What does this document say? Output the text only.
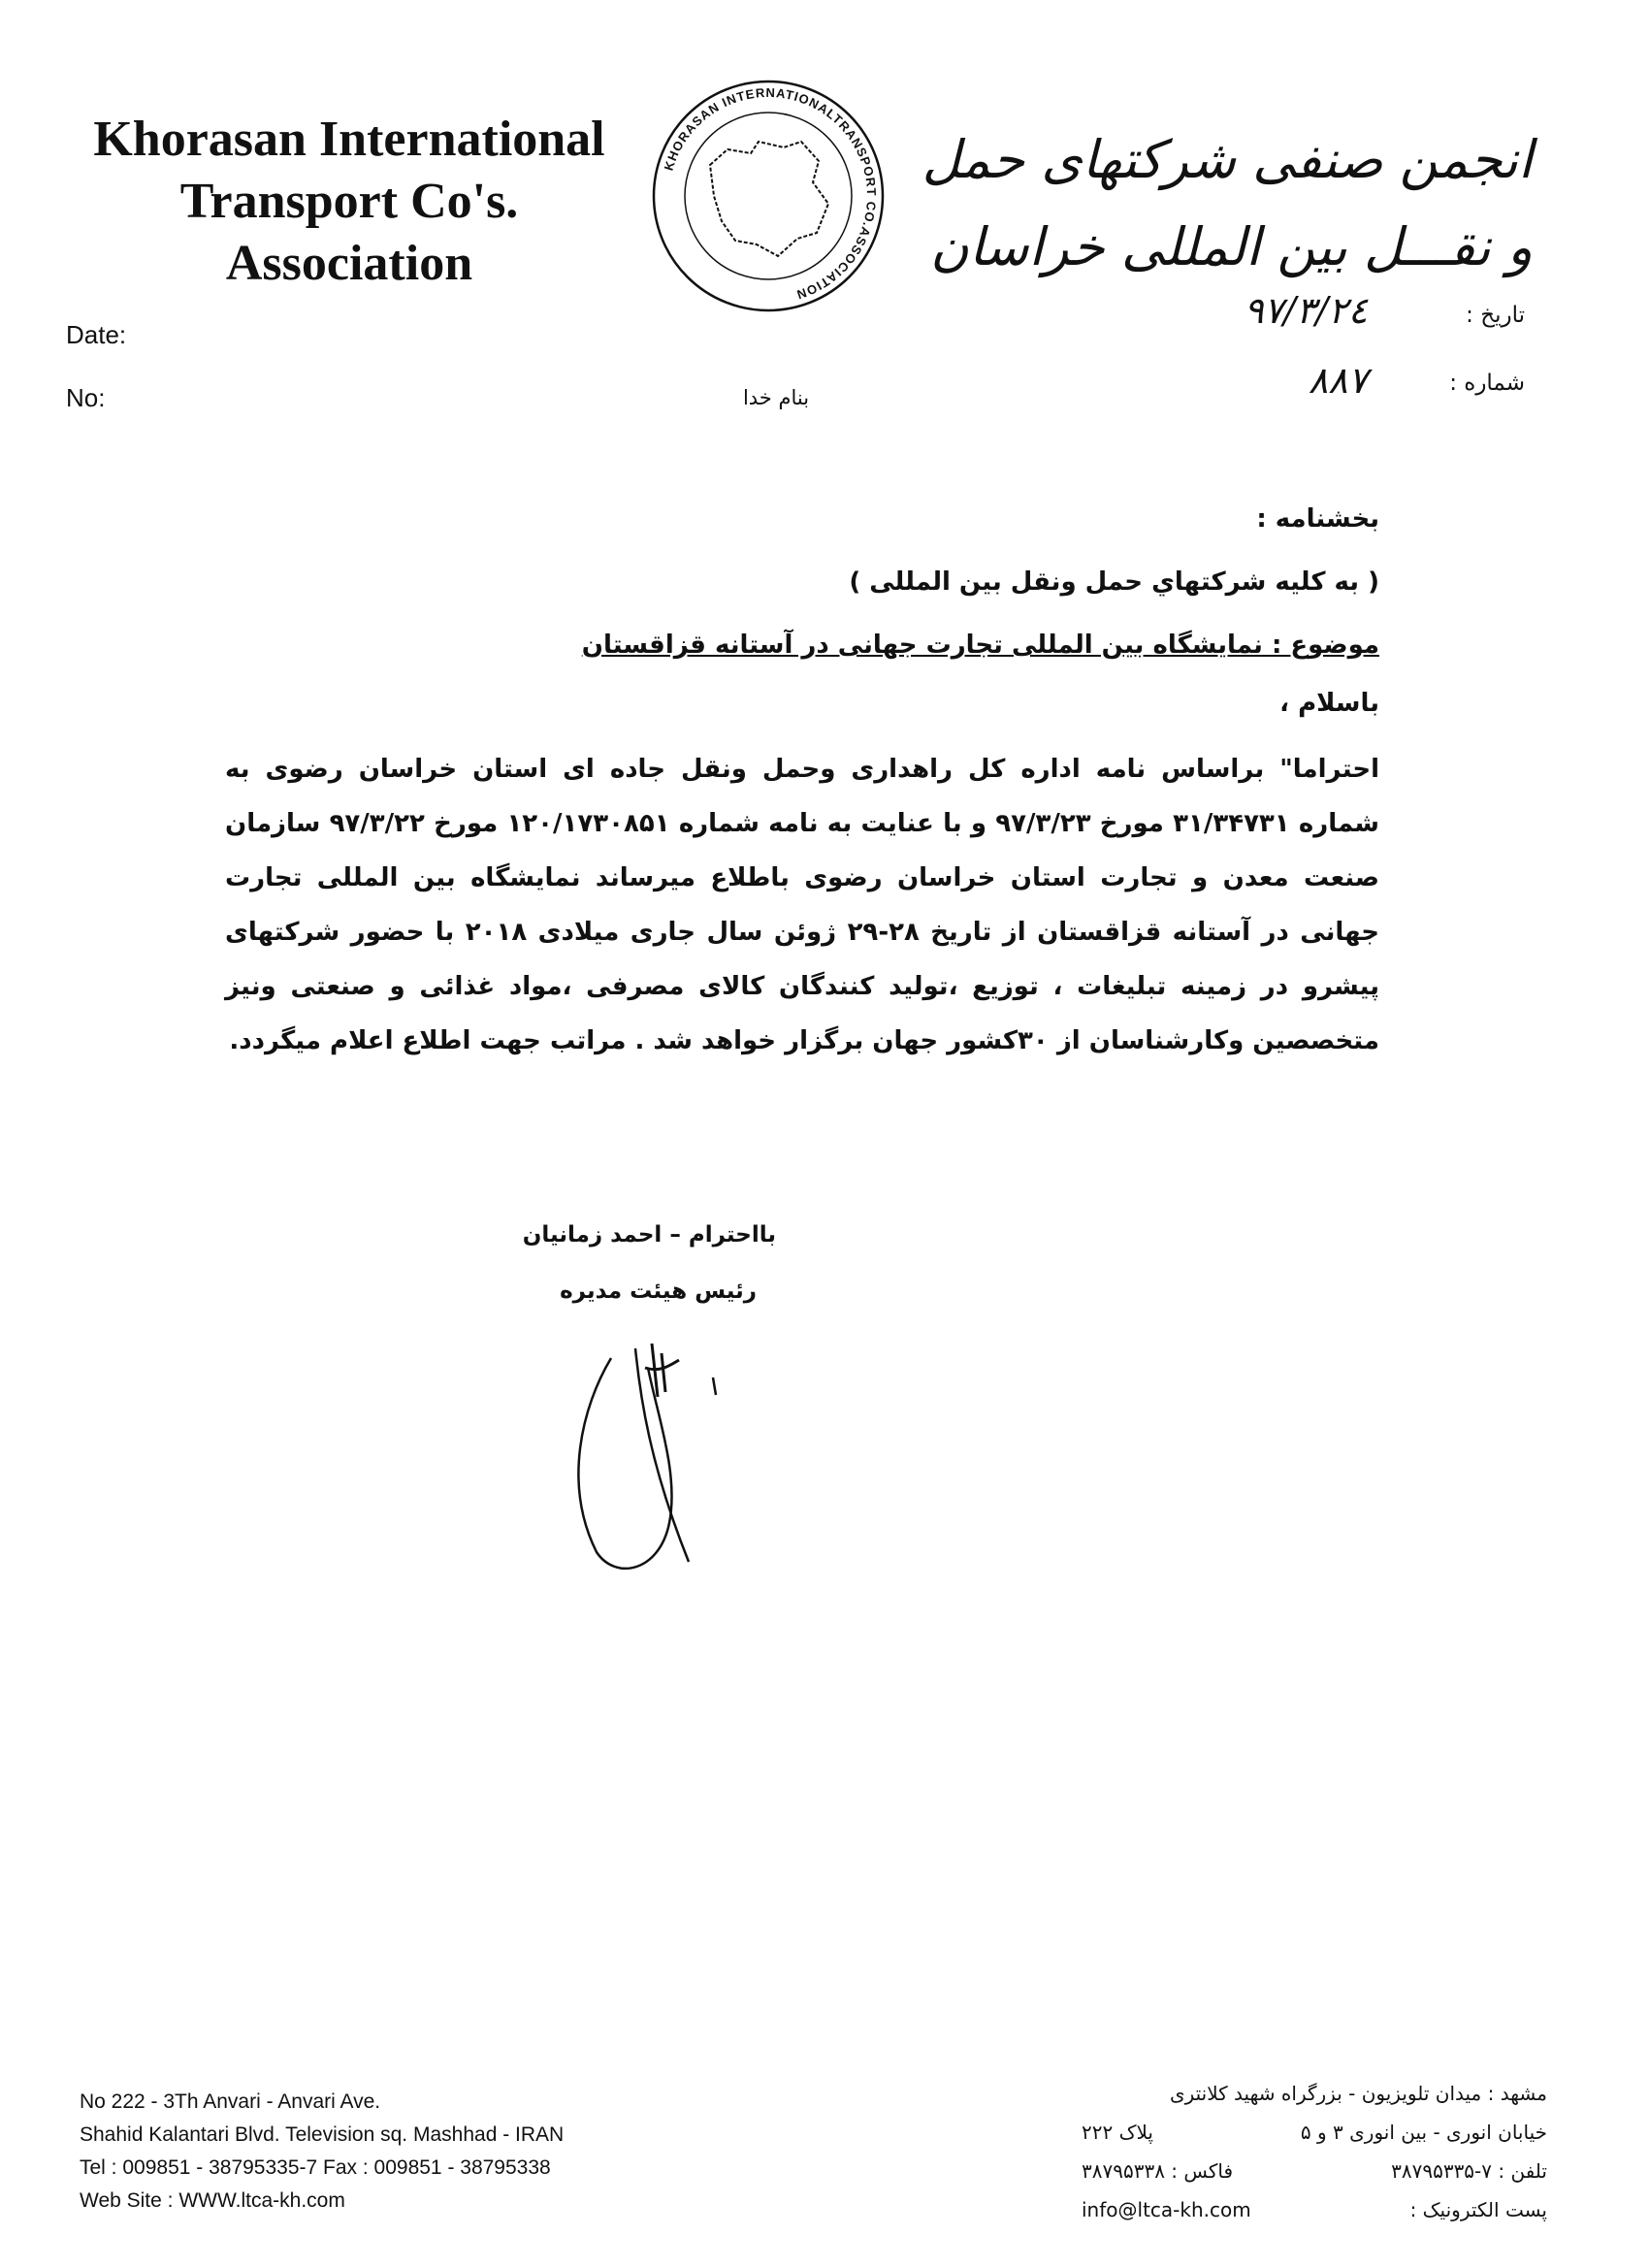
Khorasan International
Transport Co's. Association
KHORASAN INTERNATIONALTRANSPORT CO.ASSOCIATION
انجمن صنفی شرکتهای حمل و نقـــل بین المللی خراسان
Date:
No:
تاریخ :
۹۷/۳/۲٤
شماره :
۸۸۷
بنام خدا
بخشنامه :
( به كليه شركتهاي حمل ونقل بين المللى )
موضوع : نمایشگاه بین المللی تجارت جهانی در آستانه قزاقستان
باسلام ،
احتراما" براساس نامه اداره كل راهدارى وحمل ونقل جاده اى استان خراسان رضوى به شماره ۳۱/۳۴۷۳۱ مورخ ۹۷/۳/۲۳ و با عنایت به نامه شماره ۱۲۰/۱۷۳۰۸۵۱ مورخ ۹۷/۳/۲۲ سازمان صنعت معدن و تجارت استان خراسان رضوى باطلاع ميرساند نمایشگاه بین المللی تجارت جهانی در آستانه قزاقستان از تاریخ ۲۸-۲۹ ژوئن سال جاری میلادی ۲۰۱۸ با حضور شرکتهای پیشرو در زمینه تبلیغات ، توزیع ،تولید کنندگان کالای مصرفی ،مواد غذائی و صنعتی ونیز متخصصین وكارشناسان از ۳۰كشور جهان برگزار خواهد شد . مراتب جهت اطلاع اعلام میگردد.
بااحترام – احمد زمانیان
رئیس هیئت مدیره
No 222 - 3Th Anvari - Anvari Ave.
Shahid Kalantari Blvd. Television sq. Mashhad - IRAN
Tel : 009851 - 38795335-7 Fax : 009851 - 38795338
Web Site : WWW.ltca-kh.com
مشهد : میدان تلویزیون - بزرگراه شهید کلانتری
خیابان انوری - بین انوری ۳ و ۵
پلاک ۲۲۲
تلفن : ۷-۳۸۷۹۵۳۳۵
فاکس : ۳۸۷۹۵۳۳۸
پست الکترونیک :
info@ltca-kh.com
